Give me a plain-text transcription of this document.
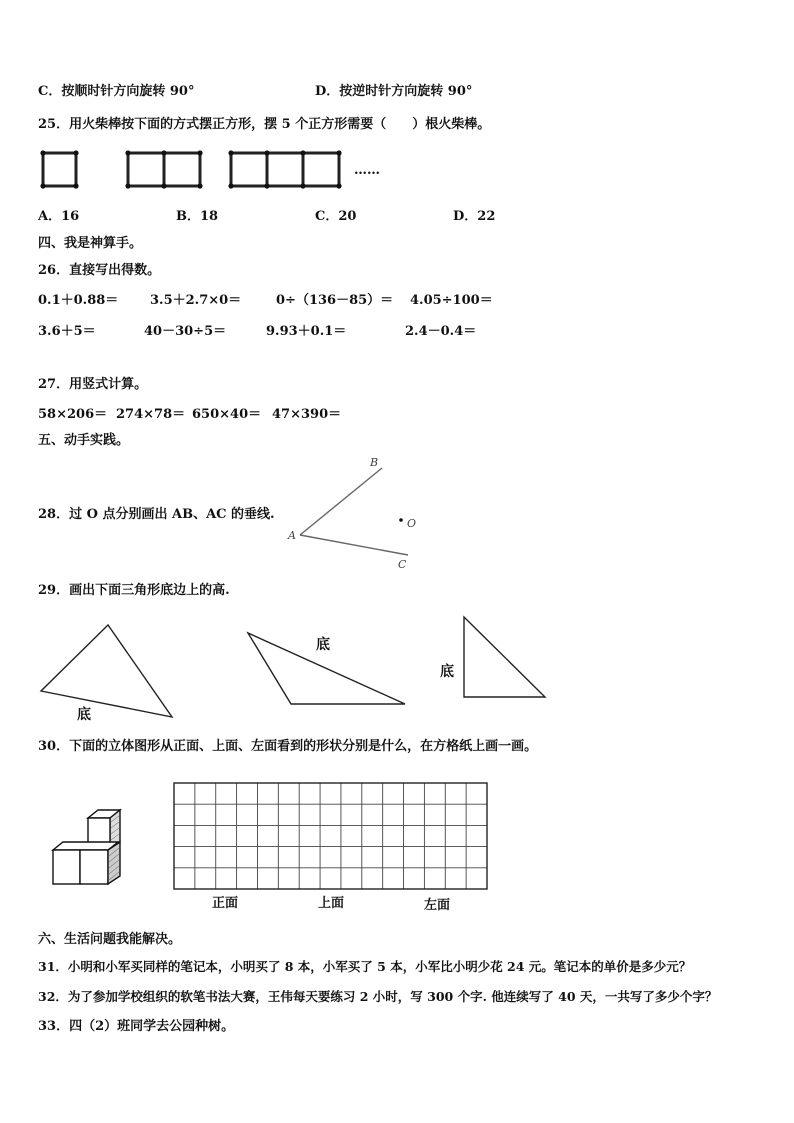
C．按顺时针方向旋转 90°	D．按逆时针方向旋转 90°
25．用火柴棒按下面的方式摆正方形，摆 5 个正方形需要（　　）根火柴棒。
……
A．16	B．18	C．20	D．22
四、我是神算手。
26．直接写出得数。
0.1＋0.88＝ 3.5＋2.7×0＝	0÷（136－85）＝ 4.05÷100＝
3.6＋5＝	40－30÷5＝	9.93＋0.1＝	2.4－0.4＝
27．用竖式计算。
58×206＝ 274×78＝ 650×40＝ 47×390＝
五、动手实践。
28．过 O 点分别画出 AB、AC 的垂线.
B
A
C
O
29．画出下面三角形底边上的高.
底
底
底
30．下面的立体图形从正面、上面、左面看到的形状分别是什么，在方格纸上画一画。
正面	上面	左面
六、生活问题我能解决。
31．小明和小军买同样的笔记本，小明买了 8 本，小军买了 5 本，小军比小明少花 24 元。笔记本的单价是多少元？
32．为了参加学校组织的软笔书法大赛，王伟每天要练习 2 小时，写 300 个字. 他连续写了 40 天，一共写了多少个字？
33．四（2）班同学去公园种树。
